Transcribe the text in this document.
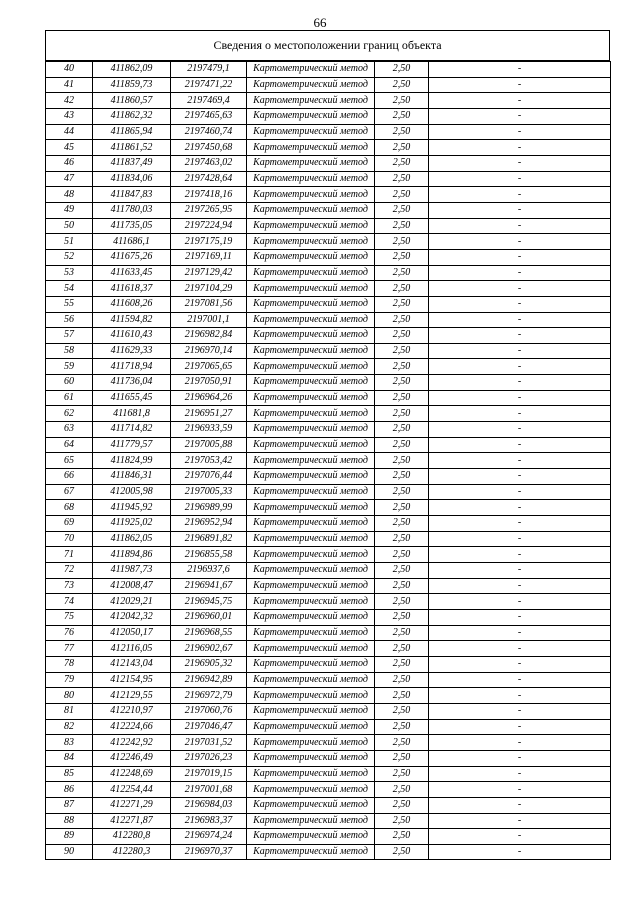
66
Сведения о местоположении границ объекта
40	411862,09	2197479,1	Картометрический метод	2,50	-
41	411859,73	2197471,22	Картометрический метод	2,50	-
42	411860,57	2197469,4	Картометрический метод	2,50	-
43	411862,32	2197465,63	Картометрический метод	2,50	-
44	411865,94	2197460,74	Картометрический метод	2,50	-
45	411861,52	2197450,68	Картометрический метод	2,50	-
46	411837,49	2197463,02	Картометрический метод	2,50	-
47	411834,06	2197428,64	Картометрический метод	2,50	-
48	411847,83	2197418,16	Картометрический метод	2,50	-
49	411780,03	2197265,95	Картометрический метод	2,50	-
50	411735,05	2197224,94	Картометрический метод	2,50	-
51	411686,1	2197175,19	Картометрический метод	2,50	-
52	411675,26	2197169,11	Картометрический метод	2,50	-
53	411633,45	2197129,42	Картометрический метод	2,50	-
54	411618,37	2197104,29	Картометрический метод	2,50	-
55	411608,26	2197081,56	Картометрический метод	2,50	-
56	411594,82	2197001,1	Картометрический метод	2,50	-
57	411610,43	2196982,84	Картометрический метод	2,50	-
58	411629,33	2196970,14	Картометрический метод	2,50	-
59	411718,94	2197065,65	Картометрический метод	2,50	-
60	411736,04	2197050,91	Картометрический метод	2,50	-
61	411655,45	2196964,26	Картометрический метод	2,50	-
62	411681,8	2196951,27	Картометрический метод	2,50	-
63	411714,82	2196933,59	Картометрический метод	2,50	-
64	411779,57	2197005,88	Картометрический метод	2,50	-
65	411824,99	2197053,42	Картометрический метод	2,50	-
66	411846,31	2197076,44	Картометрический метод	2,50	-
67	412005,98	2197005,33	Картометрический метод	2,50	-
68	411945,92	2196989,99	Картометрический метод	2,50	-
69	411925,02	2196952,94	Картометрический метод	2,50	-
70	411862,05	2196891,82	Картометрический метод	2,50	-
71	411894,86	2196855,58	Картометрический метод	2,50	-
72	411987,73	2196937,6	Картометрический метод	2,50	-
73	412008,47	2196941,67	Картометрический метод	2,50	-
74	412029,21	2196945,75	Картометрический метод	2,50	-
75	412042,32	2196960,01	Картометрический метод	2,50	-
76	412050,17	2196968,55	Картометрический метод	2,50	-
77	412116,05	2196902,67	Картометрический метод	2,50	-
78	412143,04	2196905,32	Картометрический метод	2,50	-
79	412154,95	2196942,89	Картометрический метод	2,50	-
80	412129,55	2196972,79	Картометрический метод	2,50	-
81	412210,97	2197060,76	Картометрический метод	2,50	-
82	412224,66	2197046,47	Картометрический метод	2,50	-
83	412242,92	2197031,52	Картометрический метод	2,50	-
84	412246,49	2197026,23	Картометрический метод	2,50	-
85	412248,69	2197019,15	Картометрический метод	2,50	-
86	412254,44	2197001,68	Картометрический метод	2,50	-
87	412271,29	2196984,03	Картометрический метод	2,50	-
88	412271,87	2196983,37	Картометрический метод	2,50	-
89	412280,8	2196974,24	Картометрический метод	2,50	-
90	412280,3	2196970,37	Картометрический метод	2,50	-
